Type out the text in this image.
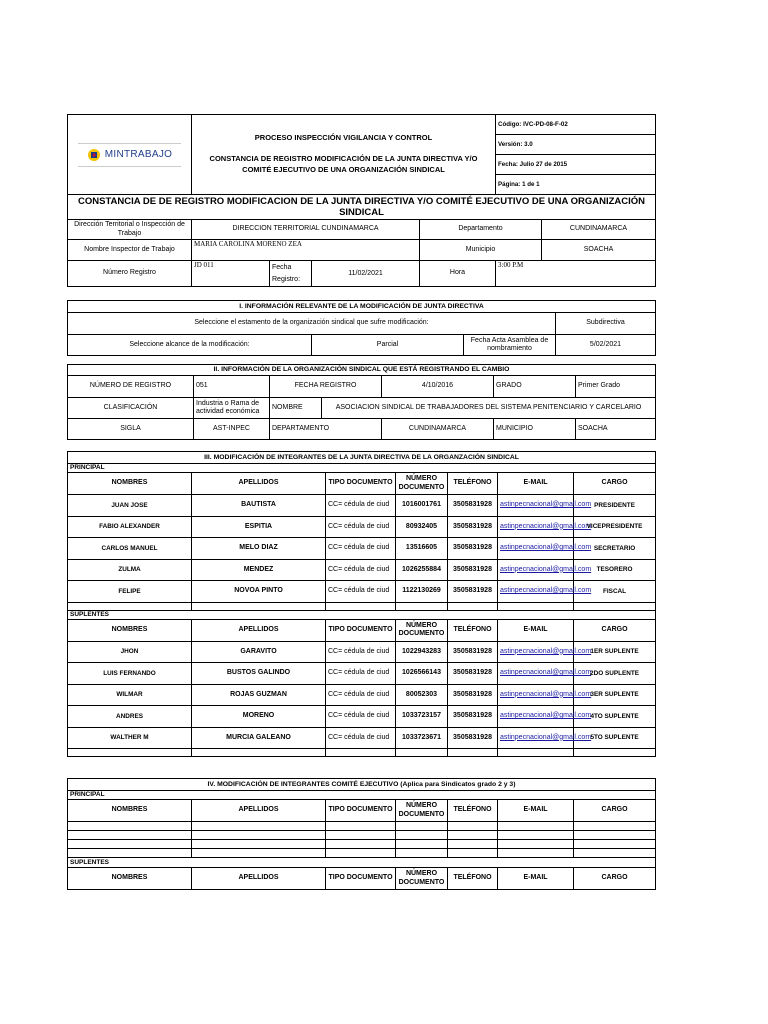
MINTRABAJO

PROCESO INSPECCIÓN VIGILANCIA Y CONTROL
CONSTANCIA DE REGISTRO MODIFICACIÓN DE LA JUNTA DIRECTIVA Y/O
COMITÉ EJECUTIVO DE UNA ORGANIZACIÓN SINDICAL
	Código: IVC-PD-08-F-02
Versión: 3.0
Fecha: Julio 27 de 2015
Página: 1 de 1
CONSTANCIA DE DE REGISTRO MODIFICACION DE LA JUNTA DIRECTIVA Y/O COMITÉ EJECUTIVO DE UNA ORGANIZACIÓN
SINDICAL						
Dirección Territorial o Inspección de Trabajo	DIRECCION TERRITORIAL CUNDINAMARCA			Departamento		CUNDINAMARCA
Nombre Inspector de Trabajo	MARIA CAROLINA MORENO ZEA			Municipio		SOACHA
Número Registro	JD 011	Fecha Registro:	11/02/2021	Hora	3:00 P.M	
I. INFORMACIÓN RELEVANTE DE LA MODIFICACIÓN DE JUNTA DIRECTIVA			
Seleccione el estamento de la organización sindical que sufre modificación:			Subdirectiva
Seleccione alcance de la modificación:	Parcial	Fecha Acta Asamblea de nombramiento	5/02/2021
II. INFORMACIÓN DE LA ORGANIZACIÓN SINDICAL QUE ESTÁ REGISTRANDO EL CAMBIO						
NÚMERO DE REGISTRO	051	FECHA REGISTRO		4/10/2016	GRADO	Primer Grado
CLASIFICACIÓN	Industria o Rama de actividad económica	NOMBRE	ASOCIACION SINDICAL DE TRABAJADORES DEL SISTEMA PENITENCIARIO Y CARCELARIO			
SIGLA	AST-INPEC	DEPARTAMENTO		CUNDINAMARCA	MUNICIPIO	SOACHA
III. MODIFICACIÓN DE INTEGRANTES DE LA JUNTA DIRECTIVA DE LA ORGANZACIÓN SINDICAL						
PRINCIPAL						
NOMBRES	APELLIDOS	TIPO DOCUMENTO	NÚMERO DOCUMENTO	TELÉFONO	E-MAIL	CARGO
JUAN JOSE	BAUTISTA	CC= cédula de ciud	1016001761	3505831928	astinpecnacional@gmail.com	PRESIDENTE
FABIO ALEXANDER	ESPITIA	CC= cédula de ciud	80932405	3505831928	astinpecnacional@gmail.com	VICEPRESIDENTE
CARLOS MANUEL	MELO DIAZ	CC= cédula de ciud	13516605	3505831928	astinpecnacional@gmail.com	SECRETARIO
ZULMA	MENDEZ	CC= cédula de ciud	1026255884	3505831928	astinpecnacional@gmail.com	TESORERO
FELIPE	NOVOA PINTO	CC= cédula de ciud	1122130269	3505831928	astinpecnacional@gmail.com	FISCAL

SUPLENTES						
NOMBRES	APELLIDOS	TIPO DOCUMENTO	NÚMERO DOCUMENTO	TELÉFONO	E-MAIL	CARGO
JHON	GARAVITO	CC= cédula de ciud	1022943283	3505831928	astinpecnacional@gmail.com	1ER SUPLENTE
LUIS FERNANDO	BUSTOS GALINDO	CC= cédula de ciud	1026566143	3505831928	astinpecnacional@gmail.com	2DO SUPLENTE
WILMAR	ROJAS GUZMAN	CC= cédula de ciud	80052303	3505831928	astinpecnacional@gmail.com	3ER SUPLENTE
ANDRES	MORENO	CC= cédula de ciud	1033723157	3505831928	astinpecnacional@gmail.com	4TO SUPLENTE
WALTHER M	MURCIA GALEANO	CC= cédula de ciud	1033723671	3505831928	astinpecnacional@gmail.com	5TO SUPLENTE

IV. MODIFICACIÓN DE INTEGRANTES COMITÉ EJECUTIVO (Aplica para Sindicatos grado 2 y 3)						
PRINCIPAL						
NOMBRES	APELLIDOS	TIPO DOCUMENTO	NÚMERO DOCUMENTO	TELÉFONO	E-MAIL	CARGO

SUPLENTES						
NOMBRES	APELLIDOS	TIPO DOCUMENTO	NÚMERO DOCUMENTO	TELÉFONO	E-MAIL	CARGO
